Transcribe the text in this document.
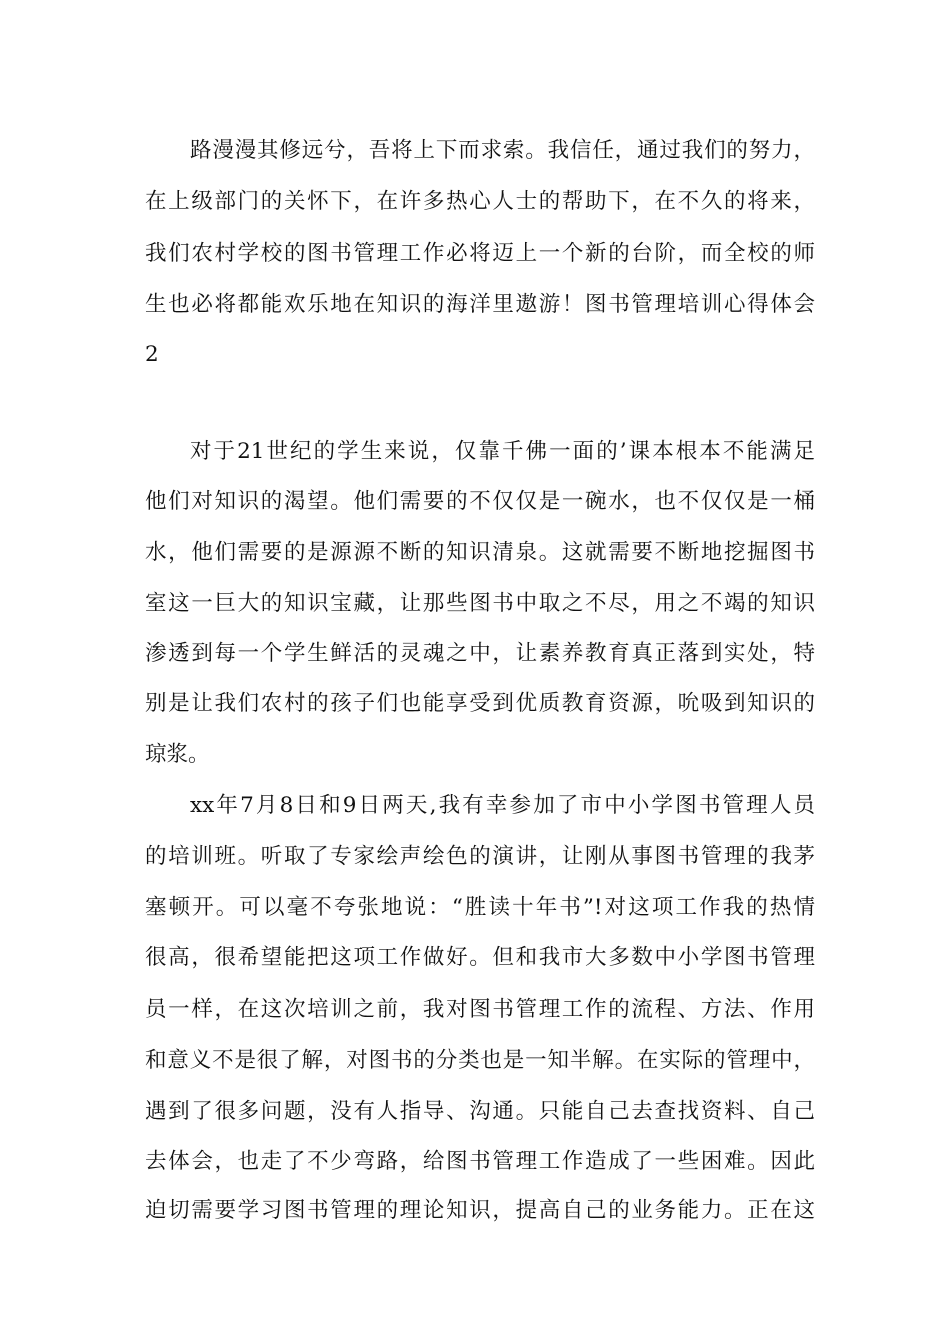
路漫漫其修远兮，吾将上下而求索。我信任，通过我们的努力，
在上级部门的关怀下，在许多热心人士的帮助下，在不久的将来，
我们农村学校的图书管理工作必将迈上一个新的台阶，而全校的师
生也必将都能欢乐地在知识的海洋里遨游！图书管理培训心得体会
2
对于21世纪的学生来说，仅靠千佛一面的’课本根本不能满足
他们对知识的渴望。他们需要的不仅仅是一碗水，也不仅仅是一桶
水，他们需要的是源源不断的知识清泉。这就需要不断地挖掘图书
室这一巨大的知识宝藏，让那些图书中取之不尽，用之不竭的知识
渗透到每一个学生鲜活的灵魂之中，让素养教育真正落到实处，特
别是让我们农村的孩子们也能享受到优质教育资源，吮吸到知识的
琼浆。
xx年7月8日和9日两天,我有幸参加了市中小学图书管理人员
的培训班。听取了专家绘声绘色的演讲，让刚从事图书管理的我茅
塞顿开。可以毫不夸张地说：“胜读十年书”!对这项工作我的热情
很高，很希望能把这项工作做好。但和我市大多数中小学图书管理
员一样，在这次培训之前，我对图书管理工作的流程、方法、作用
和意义不是很了解，对图书的分类也是一知半解。在实际的管理中，
遇到了很多问题，没有人指导、沟通。只能自己去查找资料、自己
去体会，也走了不少弯路，给图书管理工作造成了一些困难。因此
迫切需要学习图书管理的理论知识，提高自己的业务能力。正在这
